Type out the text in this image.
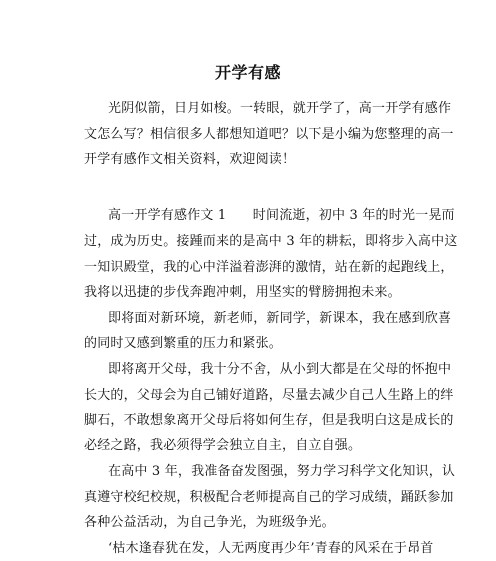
开学有感
光阴似箭，日月如梭。一转眼，就开学了，高一开学有感作
文怎么写？相信很多人都想知道吧？以下是小编为您整理的高一
开学有感作文相关资料，欢迎阅读！
高一开学有感作文 1　　时间流逝，初中 3 年的时光一晃而
过，成为历史。接踵而来的是高中 3 年的耕耘，即将步入高中这
一知识殿堂，我的心中洋溢着澎湃的激情，站在新的起跑线上，
我将以迅捷的步伐奔跑冲刺，用坚实的臂膀拥抱未来。
即将面对新环境，新老师，新同学，新课本，我在感到欣喜
的同时又感到繁重的压力和紧张。
即将离开父母，我十分不舍，从小到大都是在父母的怀抱中
长大的，父母会为自己铺好道路，尽量去减少自己人生路上的绊
脚石，不敢想象离开父母后将如何生存，但是我明白这是成长的
必经之路，我必须得学会独立自主，自立自强。
在高中 3 年，我准备奋发图强，努力学习科学文化知识，认
真遵守校纪校规，积极配合老师提高自己的学习成绩，踊跃参加
各种公益活动，为自己争光，为班级争光。
‘枯木逢春犹在发，人无两度再少年’青春的风采在于昂首
